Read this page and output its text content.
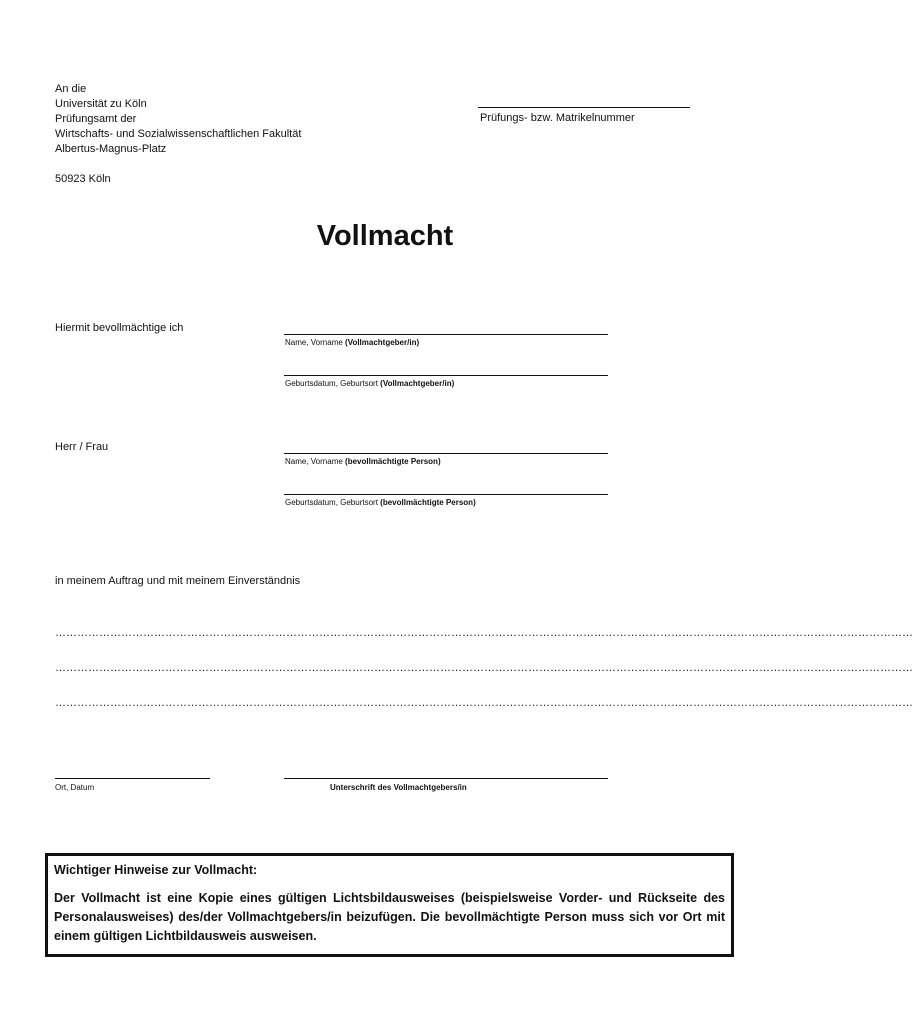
An die
Universität zu Köln
Prüfungsamt der
Wirtschafts- und Sozialwissenschaftlichen Fakultät
Albertus-Magnus-Platz
50923 Köln
Prüfungs- bzw. Matrikelnummer
Vollmacht
Hiermit bevollmächtige ich
Name, Vorname (Vollmachtgeber/in)
Geburtsdatum, Geburtsort (Vollmachtgeber/in)
Herr / Frau
Name, Vorname (bevollmächtigte Person)
Geburtsdatum, Geburtsort (bevollmächtigte Person)
in meinem Auftrag und mit meinem Einverständnis
………………………………………………………………………………………………………………………………………………………………………………………………………………
………………………………………………………………………………………………………………………………………………………………………………………………………………
………………………………………………………………………………………………………………………………………………………………………………………………………………
Ort, Datum	Unterschrift des Vollmachtgebers/in
Wichtiger Hinweise zur Vollmacht:
Der Vollmacht ist eine Kopie eines gültigen Lichtsbildausweises (beispielsweise Vorder- und Rückseite des Personalausweises) des/der Vollmachtgebers/in beizufügen. Die bevollmächtigte Person muss sich vor Ort mit einem gültigen Lichtbildausweis ausweisen.
